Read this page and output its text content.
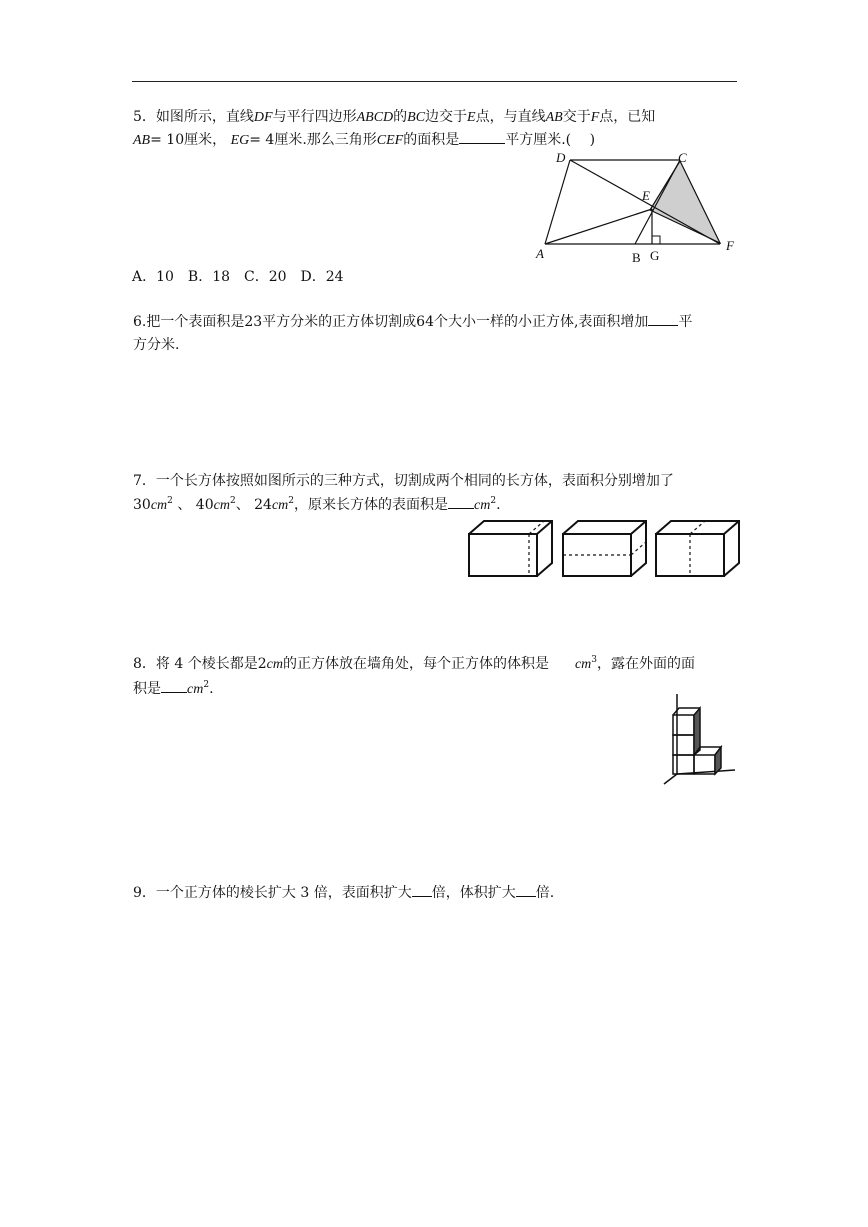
5．如图所示，直线DF与平行四边形ABCD的BC边交于E点，与直线AB交于F点，已知
AB= 10厘米， EG= 4厘米.那么三角形CEF的面积是	平方厘米.(　 )
D	C
E
A	B G
F
A．10　B．18　C．20　D．24
6.把一个表面积是23平方分米的正方体切割成64个大小一样的小正方体,表面积增加 平
方分米.
7．一个长方体按照如图所示的三种方式，切割成两个相同的长方体，表面积分别增加了
$30cm^2$ 、 $40cm^2$、 $24cm^2$，原来长方体的表面积是 $cm^2$.
8．将 4 个棱长都是2cm的正方体放在墙角处，每个正方体的体积是 $cm^3$，露在外面的面
积是 $cm^2$.
9．一个正方体的棱长扩大 3 倍，表面积扩大 倍，体积扩大 倍.
